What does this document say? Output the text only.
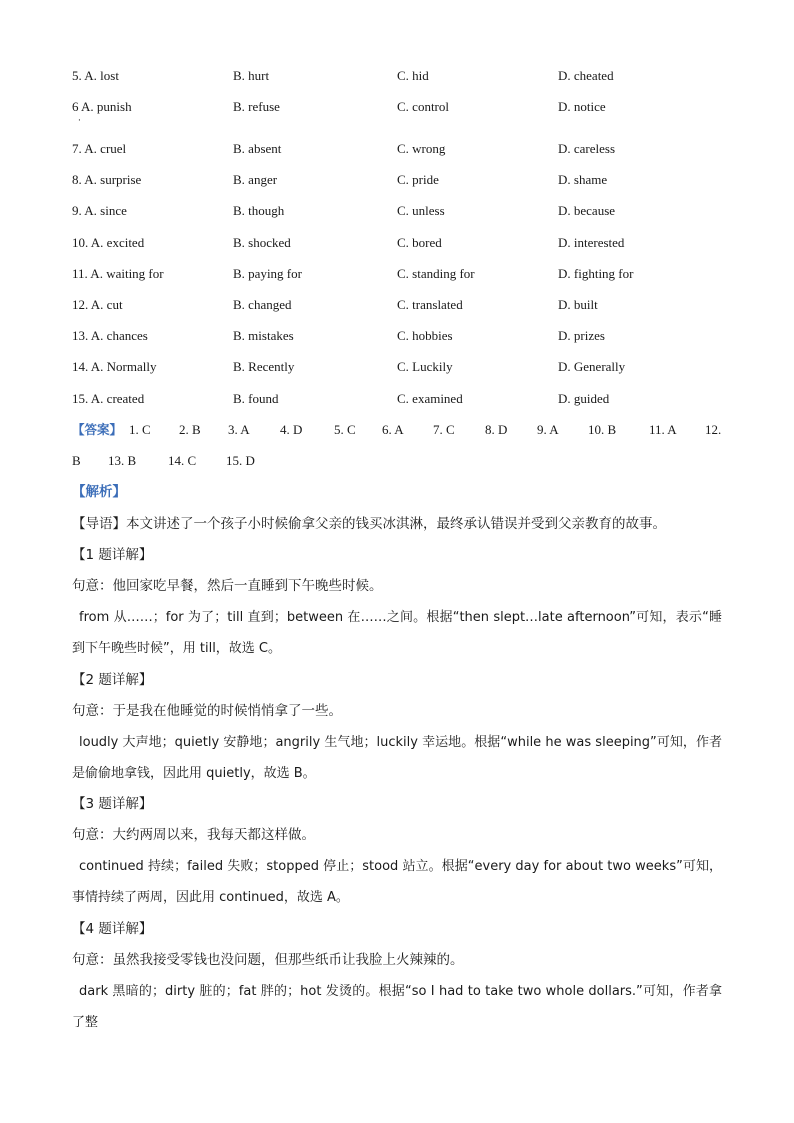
5. A. lost	B. hurt	C. hid	D. cheated
6 A. punish	B. refuse	C. control	D. notice
·
7. A. cruel	B. absent	C. wrong	D. careless
8. A. surprise	B. anger	C. pride	D. shame
9. A. since	B. though	C. unless	D. because
10. A. excited	B. shocked	C. bored	D. interested
11. A. waiting for	B. paying for	C. standing for	D. fighting for
12. A. cut	B. changed	C. translated	D. built
13. A. chances	B. mistakes	C. hobbies	D. prizes
14. A. Normally	B. Recently	C. Luckily	D. Generally
15. A. created	B. found	C. examined	D. guided
【答案】 1. C 2. B 3. A 4. D 5. C 6. A 7. C 8. D 9. A 10. B	11. A 12.
B 13. B 14. C 15. D
【解析】
【导语】本文讲述了一个孩子小时候偷拿父亲的钱买冰淇淋，最终承认错误并受到父亲教育的故事。
【1 题详解】
句意：他回家吃早餐，然后一直睡到下午晚些时候。
from 从……；for 为了；till 直到；between 在……之间。根据“then slept…late afternoon”可知，表示“睡到下午晚些时候”，用 till，故选 C。
【2 题详解】
句意：于是我在他睡觉的时候悄悄拿了一些。
loudly 大声地；quietly 安静地；angrily 生气地；luckily 幸运地。根据“while he was sleeping”可知，作者是偷偷地拿钱，因此用 quietly，故选 B。
【3 题详解】
句意：大约两周以来，我每天都这样做。
continued 持续；failed 失败；stopped 停止；stood 站立。根据“every day for about two weeks”可知，事情持续了两周，因此用 continued，故选 A。
【4 题详解】
句意：虽然我接受零钱也没问题，但那些纸币让我脸上火辣辣的。
dark 黑暗的；dirty 脏的；fat 胖的；hot 发烫的。根据“so I had to take two whole dollars.”可知，作者拿了整
